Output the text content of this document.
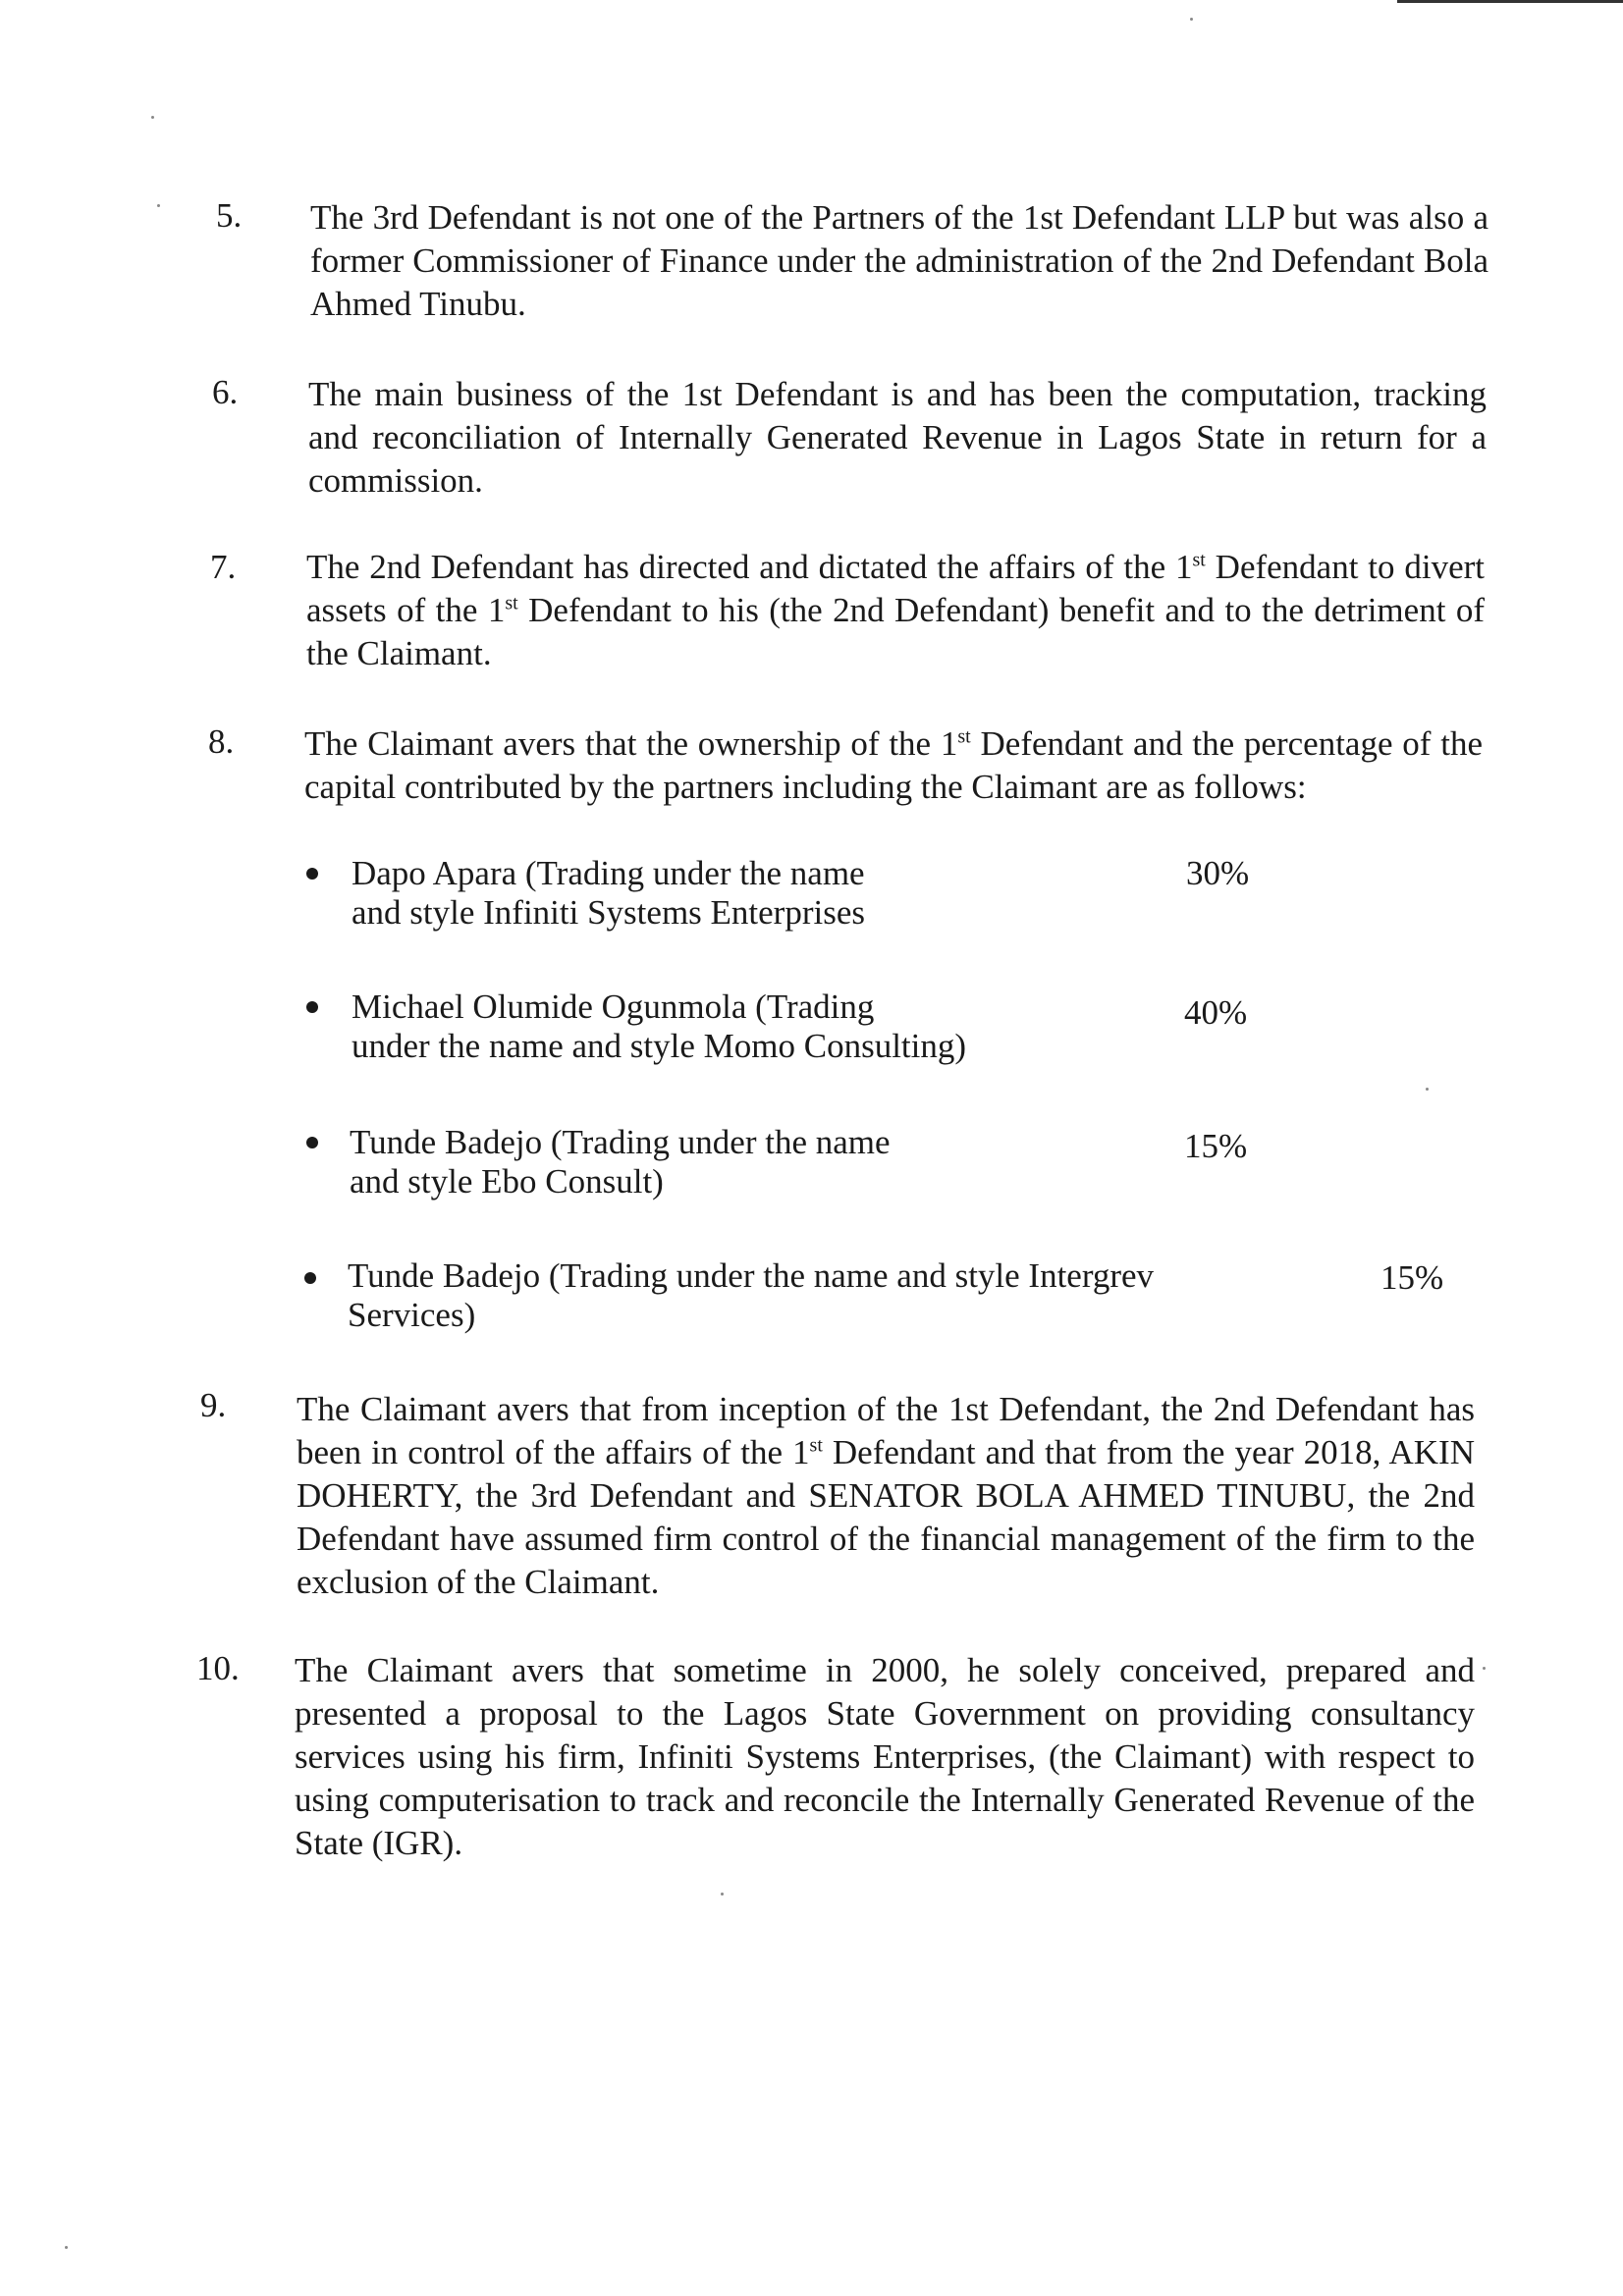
5. The 3rd Defendant is not one of the Partners of the 1st Defendant LLP but was also a former Commissioner of Finance under the administration of the 2nd Defendant Bola Ahmed Tinubu.
6. The main business of the 1st Defendant is and has been the computation, tracking and reconciliation of Internally Generated Revenue in Lagos State in return for a commission.
7. The 2nd Defendant has directed and dictated the affairs of the 1st Defendant to divert assets of the 1st Defendant to his (the 2nd Defendant) benefit and to the detriment of the Claimant.
8. The Claimant avers that the ownership of the 1st Defendant and the percentage of the capital contributed by the partners including the Claimant are as follows:
Dapo Apara (Trading under the name
and style Infiniti Systems Enterprises
30%
Michael Olumide Ogunmola (Trading
under the name and style Momo Consulting)
40%
Tunde Badejo (Trading under the name
and style Ebo Consult)
15%
Tunde Badejo (Trading under the name and style Intergrev
Services)
15%
9. The Claimant avers that from inception of the 1st Defendant, the 2nd Defendant has been in control of the affairs of the 1st Defendant and that from the year 2018, AKIN DOHERTY, the 3rd Defendant and SENATOR BOLA AHMED TINUBU, the 2nd Defendant have assumed firm control of the financial management of the firm to the exclusion of the Claimant.
10. The Claimant avers that sometime in 2000, he solely conceived, prepared and presented a proposal to the Lagos State Government on providing consultancy services using his firm, Infiniti Systems Enterprises, (the Claimant) with respect to using computerisation to track and reconcile the Internally Generated Revenue of the State (IGR).
